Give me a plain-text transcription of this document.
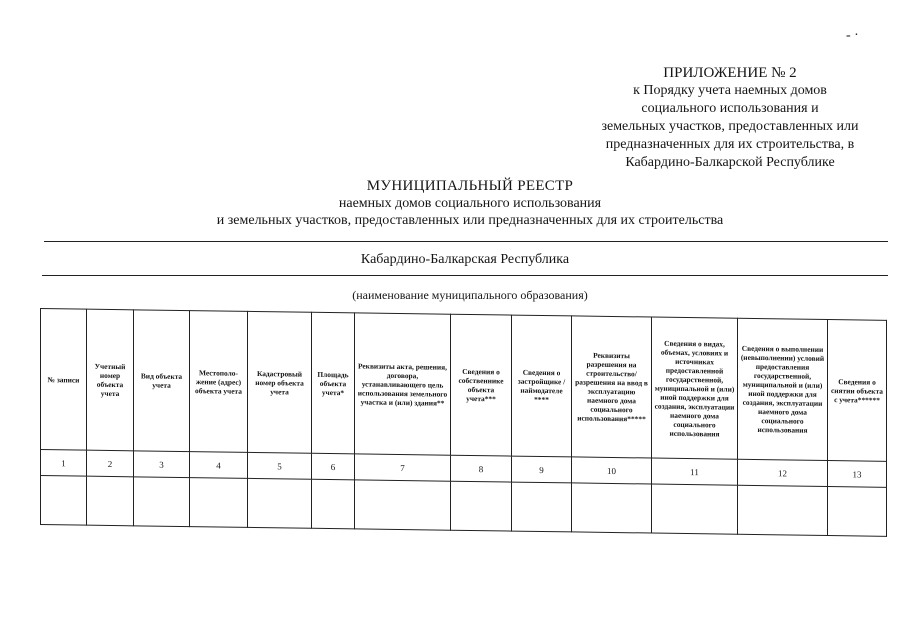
- ·
ПРИЛОЖЕНИЕ № 2
к Порядку учета наемных домов
социального использования и
земельных участков, предоставленных или
предназначенных для их строительства, в
Кабардино-Балкарской Республике
МУНИЦИПАЛЬНЫЙ РЕЕСТР
наемных домов социального использования
и земельных участков, предоставленных или предназначенных для их строительства
Кабардино-Балкарская Республика
(наименование муниципального образования)
№ записи	Учетный номер объекта учета	Вид объекта учета	Местополо-жение (адрес) объекта учета	Кадастровый номер объекта учета	Площадь объекта учета*	Реквизиты акта, решения, договора, устанавливающего цель использования земельного участка и (или) здания**	Сведения о собственнике объекта учета***	Сведения о застройщике / наймодателе ****	Реквизиты разрешения на строительство/ разрешения на ввод в эксплуатацию наемного дома социального использования*****	Сведения о видах, объемах, условиях и источниках предоставленной государственной, муниципальной и (или) иной поддержки для создания, эксплуатации наемного дома социального использования	Сведения о выполнении (невыполнении) условий предоставления государственной, муниципальной и (или) иной поддержки для создания, эксплуатации наемного дома социального использования	Сведения о снятии объекта с учета******
1	2	3	4	5	6	7	8	9	10	11	12	13
